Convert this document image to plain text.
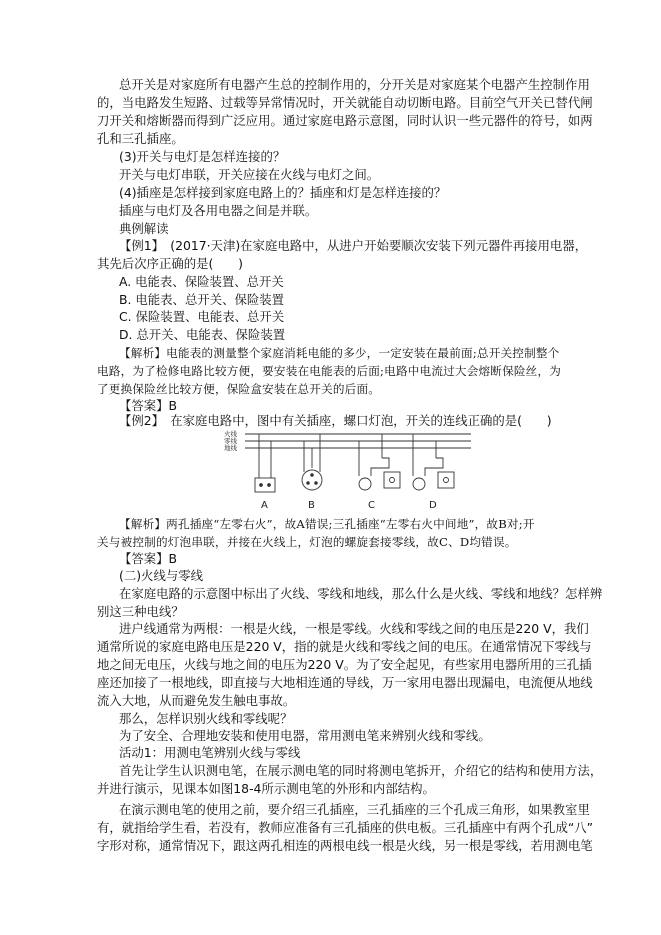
总开关是对家庭所有电器产生总的控制作用的，分开关是对家庭某个电器产生控制作用
的，当电路发生短路、过载等异常情况时，开关就能自动切断电路。目前空气开关已替代闸
刀开关和熔断器而得到广泛应用。通过家庭电路示意图，同时认识一些元器件的符号，如两
孔和三孔插座。
(3)开关与电灯是怎样连接的？
开关与电灯串联，开关应接在火线与电灯之间。
(4)插座是怎样接到家庭电路上的？插座和灯是怎样连接的？
插座与电灯及各用电器之间是并联。
典例解读
【例1】　(2017·天津)在家庭电路中，从进户开始要顺次安装下列元器件再接用电器，
其先后次序正确的是(　　)
A. 电能表、保险装置、总开关
B. 电能表、总开关、保险装置
C. 保险装置、电能表、总开关
D. 总开关、电能表、保险装置
【解析】电能表的测量整个家庭消耗电能的多少，一定安装在最前面;总开关控制整个
电路，为了检修电路比较方便，要安装在电能表的后面;电路中电流过大会熔断保险丝，为
了更换保险丝比较方便，保险盒安装在总开关的后面。
【答案】B
【例2】　在家庭电路中，图中有关插座，螺口灯泡，开关的连线正确的是(　　)
火线
零线
地线
A	B	C	D
【解析】两孔插座“左零右火”，故A错误;三孔插座“左零右火中间地”，故B对;开
关与被控制的灯泡串联，并接在火线上，灯泡的螺旋套接零线，故C、D均错误。
【答案】B
(二)火线与零线
在家庭电路的示意图中标出了火线、零线和地线，那么什么是火线、零线和地线？怎样辨
别这三种电线？
进户线通常为两根：一根是火线，一根是零线。火线和零线之间的电压是220 V，我们
通常所说的家庭电路电压是220 V，指的就是火线和零线之间的电压。在通常情况下零线与
地之间无电压，火线与地之间的电压为220 V。为了安全起见，有些家用电器所用的三孔插
座还加接了一根地线，即直接与大地相连通的导线，万一家用电器出现漏电，电流便从地线
流入大地，从而避免发生触电事故。
那么，怎样识别火线和零线呢？
为了安全、合理地安装和使用电器，常用测电笔来辨别火线和零线。
活动1：用测电笔辨别火线与零线
首先让学生认识测电笔，在展示测电笔的同时将测电笔拆开，介绍它的结构和使用方法，
并进行演示，见课本如图18-4所示测电笔的外形和内部结构。
在演示测电笔的使用之前，要介绍三孔插座，三孔插座的三个孔成三角形，如果教室里
有，就指给学生看，若没有，教师应准备有三孔插座的供电板。三孔插座中有两个孔成“八”
字形对称，通常情况下，跟这两孔相连的两根电线一根是火线，另一根是零线，若用测电笔
